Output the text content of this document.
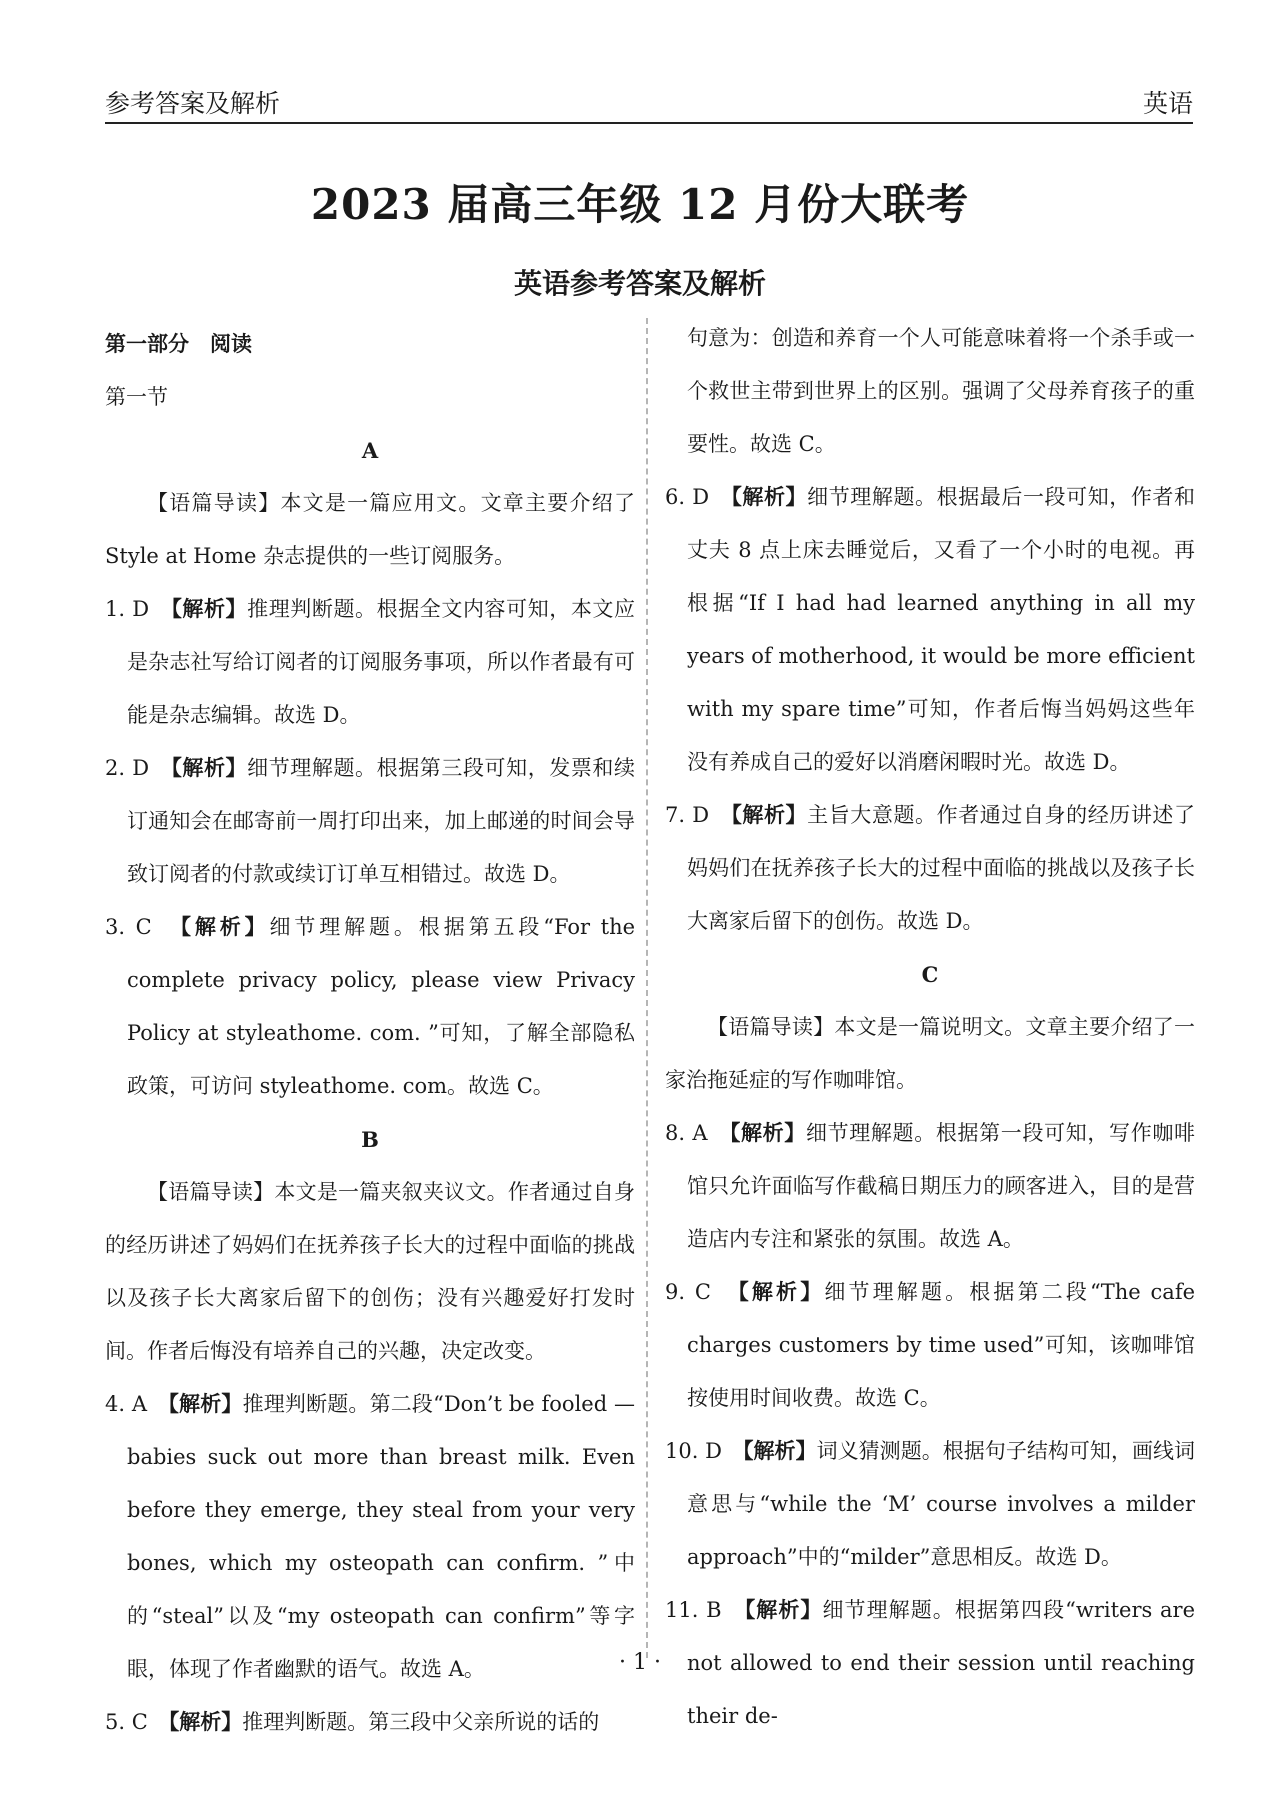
参考答案及解析	英语
2023 届高三年级 12 月份大联考
英语参考答案及解析

第一部分　阅读

第一节

A

【语篇导读】本文是一篇应用文。文章主要介绍了 Style at Home 杂志提供的一些订阅服务。

1. D　 【解析】推理判断题。根据全文内容可知，本文应是杂志社写给订阅者的订阅服务事项，所以作者最有可能是杂志编辑。故选 D。

2. D　 【解析】细节理解题。根据第三段可知，发票和续订通知会在邮寄前一周打印出来，加上邮递的时间会导致订阅者的付款或续订订单互相错过。故选 D。

3. C　 【解析】细节理解题。根据第五段“For the complete privacy policy, please view Privacy Policy at styleathome. com. ”可知，了解全部隐私政策，可访问 styleathome. com。故选 C。

B

【语篇导读】本文是一篇夹叙夹议文。作者通过自身的经历讲述了妈妈们在抚养孩子长大的过程中面临的挑战以及孩子长大离家后留下的创伤；没有兴趣爱好打发时间。作者后悔没有培养自己的兴趣，决定改变。

4. A　 【解析】推理判断题。第二段“Don’t be fooled — babies suck out more than breast milk. Even before they emerge, they steal from your very bones, which my osteopath can confirm. ”中的“steal”以及“my osteopath can confirm”等字眼，体现了作者幽默的语气。故选 A。

5. C　 【解析】推理判断题。第三段中父亲所说的话的

句意为：创造和养育一个人可能意味着将一个杀手或一个救世主带到世界上的区别。强调了父母养育孩子的重要性。故选 C。

6. D　 【解析】细节理解题。根据最后一段可知，作者和丈夫 8 点上床去睡觉后，又看了一个小时的电视。再根据“If I had had learned anything in all my years of motherhood, it would be more efficient with my spare time”可知，作者后悔当妈妈这些年没有养成自己的爱好以消磨闲暇时光。故选 D。

7. D　 【解析】主旨大意题。作者通过自身的经历讲述了妈妈们在抚养孩子长大的过程中面临的挑战以及孩子长大离家后留下的创伤。故选 D。

C

【语篇导读】本文是一篇说明文。文章主要介绍了一家治拖延症的写作咖啡馆。

8. A　 【解析】细节理解题。根据第一段可知，写作咖啡馆只允许面临写作截稿日期压力的顾客进入，目的是营造店内专注和紧张的氛围。故选 A。

9. C　 【解析】细节理解题。根据第二段“The cafe charges customers by time used”可知，该咖啡馆按使用时间收费。故选 C。

10. D　 【解析】词义猜测题。根据句子结构可知，画线词意思与“while the ‘M’ course involves a milder approach”中的“milder”意思相反。故选 D。

11. B　 【解析】细节理解题。根据第四段“writers are not allowed to end their session until reaching their de-

· 1 ·
